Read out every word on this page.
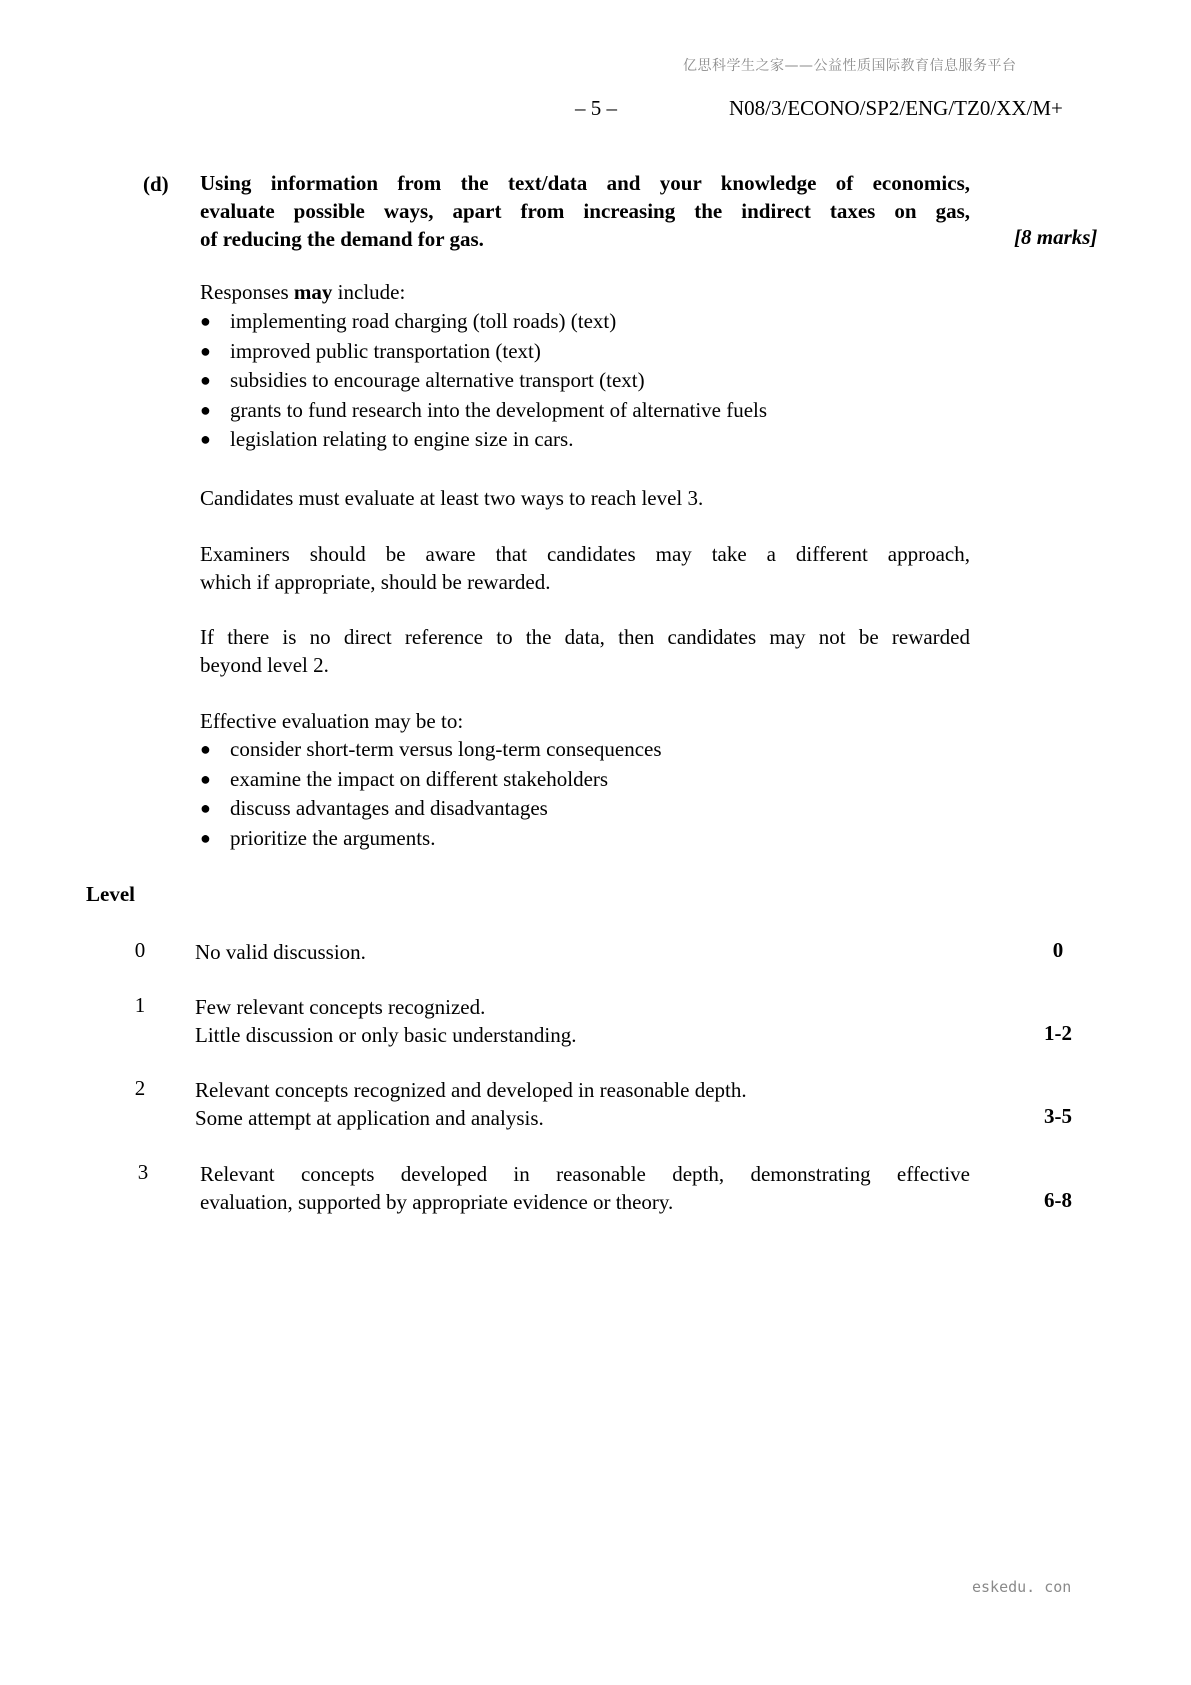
亿思科学生之家——公益性质国际教育信息服务平台
– 5 –	N08/3/ECONO/SP2/ENG/TZ0/XX/M+
(d) Using information from the text/data and your knowledge of economics,
evaluate possible ways, apart from increasing the indirect taxes on gas,
of reducing the demand for gas.	[8 marks]
Responses may include:
● implementing road charging (toll roads) (text)
● improved public transportation (text)
● subsidies to encourage alternative transport (text)
● grants to fund research into the development of alternative fuels
● legislation relating to engine size in cars.
Candidates must evaluate at least two ways to reach level 3.
Examiners should be aware that candidates may take a different approach,
which if appropriate, should be rewarded.
If there is no direct reference to the data, then candidates may not be rewarded
beyond level 2.
Effective evaluation may be to:
● consider short-term versus long-term consequences
● examine the impact on different stakeholders
● discuss advantages and disadvantages
● prioritize the arguments.
Level
0	No valid discussion.	0
1	Few relevant concepts recognized.
Little discussion or only basic understanding.	1-2
2	Relevant concepts recognized and developed in reasonable depth.
Some attempt at application and analysis.	3-5
3	Relevant concepts developed in reasonable depth, demonstrating effective
evaluation, supported by appropriate evidence or theory.	6-8
eskedu. con
